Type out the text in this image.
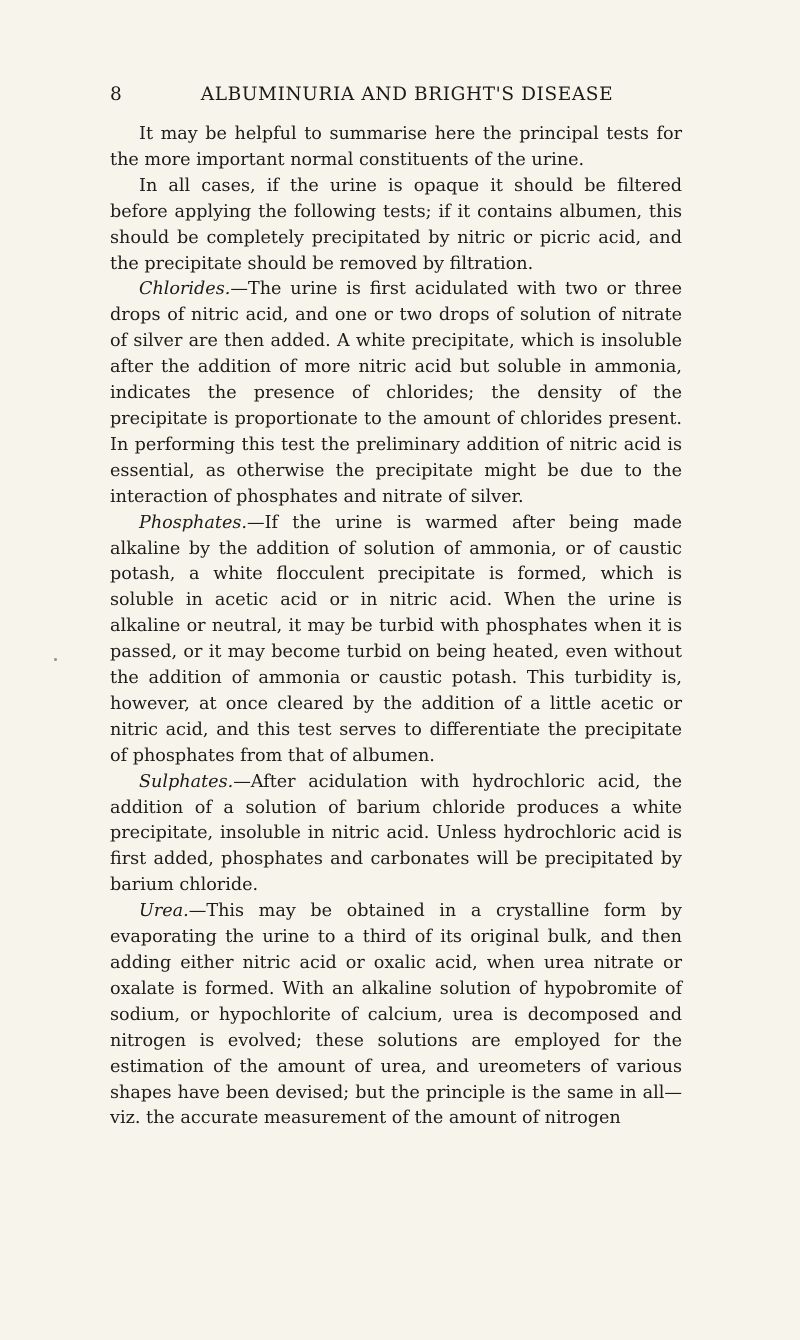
8	ALBUMINURIA AND BRIGHT'S DISEASE

It may be helpful to summarise here the principal tests for the more important normal constituents of the urine.

In all cases, if the urine is opaque it should be filtered before applying the following tests; if it contains albumen, this should be completely precipitated by nitric or picric acid, and the precipitate should be removed by filtration.

Chlorides.—The urine is first acidulated with two or three drops of nitric acid, and one or two drops of solution of nitrate of silver are then added. A white precipitate, which is insoluble after the addition of more nitric acid but soluble in ammonia, indicates the presence of chlorides; the density of the precipitate is proportionate to the amount of chlorides present. In performing this test the preliminary addition of nitric acid is essential, as otherwise the precipitate might be due to the interaction of phosphates and nitrate of silver.

Phosphates.—If the urine is warmed after being made alkaline by the addition of solution of ammonia, or of caustic potash, a white flocculent precipitate is formed, which is soluble in acetic acid or in nitric acid. When the urine is alkaline or neutral, it may be turbid with phosphates when it is passed, or it may become turbid on being heated, even without the addition of ammonia or caustic potash. This turbidity is, however, at once cleared by the addition of a little acetic or nitric acid, and this test serves to differentiate the precipitate of phosphates from that of albumen.

Sulphates.—After acidulation with hydrochloric acid, the addition of a solution of barium chloride produces a white precipitate, insoluble in nitric acid. Unless hydrochloric acid is first added, phosphates and carbonates will be precipitated by barium chloride.

Urea.—This may be obtained in a crystalline form by evaporating the urine to a third of its original bulk, and then adding either nitric acid or oxalic acid, when urea nitrate or oxalate is formed. With an alkaline solution of hypobromite of sodium, or hypochlorite of calcium, urea is decomposed and nitrogen is evolved; these solutions are employed for the estimation of the amount of urea, and ureometers of various shapes have been devised; but the principle is the same in all—viz. the accurate measurement of the amount of nitrogen
